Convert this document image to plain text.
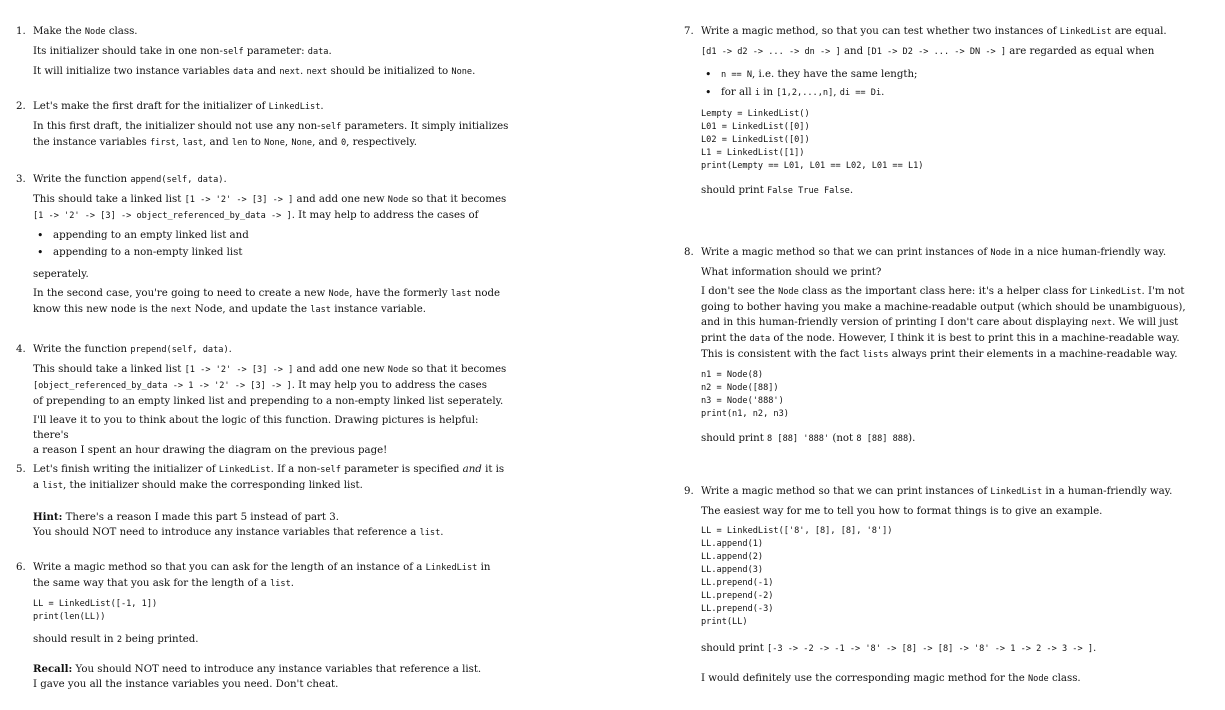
1. Make the Node class.

Its initializer should take in one non-self parameter: data.

It will initialize two instance variables data and next. next should be initialized to None.

2. Let's make the first draft for the initializer of LinkedList.

In this first draft, the initializer should not use any non-self parameters. It simply initializes

the instance variables first, last, and len to None, None, and 0, respectively.

3. Write the function append(self, data).

This should take a linked list [1 -> '2' -> [3] -> ] and add one new Node so that it becomes

[1 -> '2' -> [3] -> object_referenced_by_data -> ]. It may help to address the cases of

• appending to an empty linked list and
• appending to a non-empty linked list

seperately.

In the second case, you're going to need to create a new Node, have the formerly last node

know this new node is the next Node, and update the last instance variable.

4. Write the function prepend(self, data).

This should take a linked list [1 -> '2' -> [3] -> ] and add one new Node so that it becomes

[object_referenced_by_data -> 1 -> '2' -> [3] -> ]. It may help you to address the cases

of prepending to an empty linked list and prepending to a non-empty linked list seperately.

I'll leave it to you to think about the logic of this function. Drawing pictures is helpful: there's

a reason I spent an hour drawing the diagram on the previous page!

5. Let's finish writing the initializer of LinkedList. If a non-self parameter is specified and it is

a list, the initializer should make the corresponding linked list.

Hint: There's a reason I made this part 5 instead of part 3.

You should NOT need to introduce any instance variables that reference a list.

6. Write a magic method so that you can ask for the length of an instance of a LinkedList in

the same way that you ask for the length of a list.

LL = LinkedList([-1, 1])
print(len(LL))

should result in 2 being printed.

Recall: You should NOT need to introduce any instance variables that reference a list.

I gave you all the instance variables you need. Don't cheat.

7. Write a magic method, so that you can test whether two instances of LinkedList are equal.

[d1 -> d2 -> ... -> dn -> ] and [D1 -> D2 -> ... -> DN -> ] are regarded as equal when

• n == N, i.e. they have the same length;
• for all i in [1,2,...,n], di == Di.
Lempty = LinkedList()
L01 = LinkedList([0])
L02 = LinkedList([0])
L1 = LinkedList([1])
print(Lempty == L01, L01 == L02, L01 == L1)

should print False True False.

8. Write a magic method so that we can print instances of Node in a nice human-friendly way.

What information should we print?

I don't see the Node class as the important class here: it's a helper class for LinkedList. I'm not

going to bother having you make a machine-readable output (which should be unambiguous),

and in this human-friendly version of printing I don't care about displaying next. We will just

print the data of the node. However, I think it is best to print this in a machine-readable way.

This is consistent with the fact lists always print their elements in a machine-readable way.

n1 = Node(8)
n2 = Node([88])
n3 = Node('888')
print(n1, n2, n3)

should print 8 [88] '888' (not 8 [88] 888).

9. Write a magic method so that we can print instances of LinkedList in a human-friendly way.

The easiest way for me to tell you how to format things is to give an example.

LL = LinkedList(['8', [8], [8], '8'])
LL.append(1)
LL.append(2)
LL.append(3)
LL.prepend(-1)
LL.prepend(-2)
LL.prepend(-3)
print(LL)

should print [-3 -> -2 -> -1 -> '8' -> [8] -> [8] -> '8' -> 1 -> 2 -> 3 -> ].

I would definitely use the corresponding magic method for the Node class.
